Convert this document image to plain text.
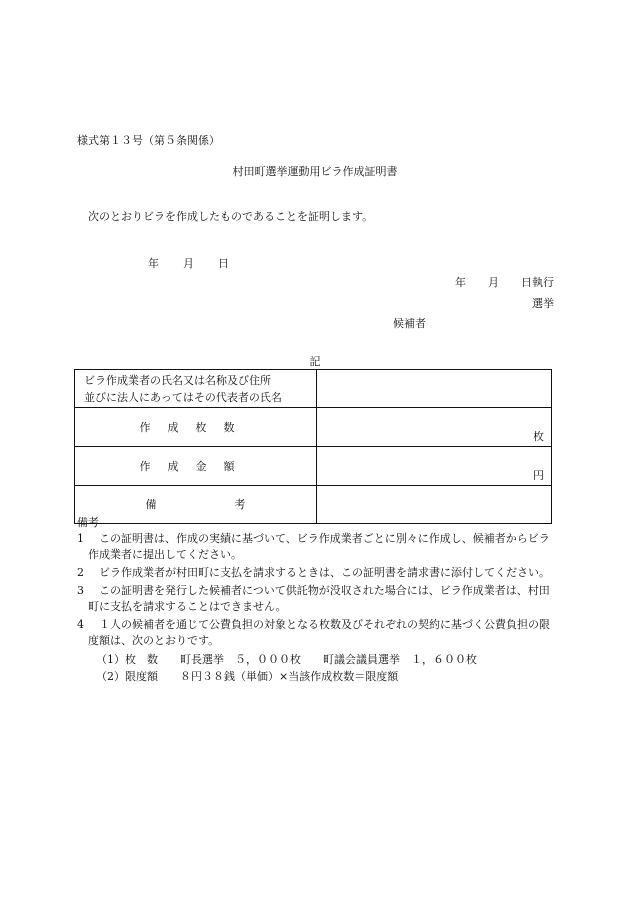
様式第１３号（第５条関係）
村田町選挙運動用ビラ作成証明書
次のとおりビラを作成したものであることを証明します。
年 月 日
年 月 日執行
選挙
候補者
記
ビラ作成業者の氏名又は名称及び住所
並びに法人にあってはその代表者の氏名	

作成枚数	枚

作成金額	円

備 考	
備考
1 　この証明書は、作成の実績に基づいて、ビラ作成業者ごとに別々に作成し、候補者からビラ作成業者に提出してください。
2 　ビラ作成業者が村田町に支払を請求するときは、この証明書を請求書に添付してください。
3 　この証明書を発行した候補者について供託物が没収された場合には、ビラ作成業者は、村田町に支払を請求することはできません。
4 　１人の候補者を通じて公費負担の対象となる枚数及びそれぞれの契約に基づく公費負担の限度額は、次のとおりです。
（1）枚　数　　町長選挙　５，０００枚　　町議会議員選挙　１，６００枚
（2）限度額　　８円３８銭（単価）×当該作成枚数＝限度額
